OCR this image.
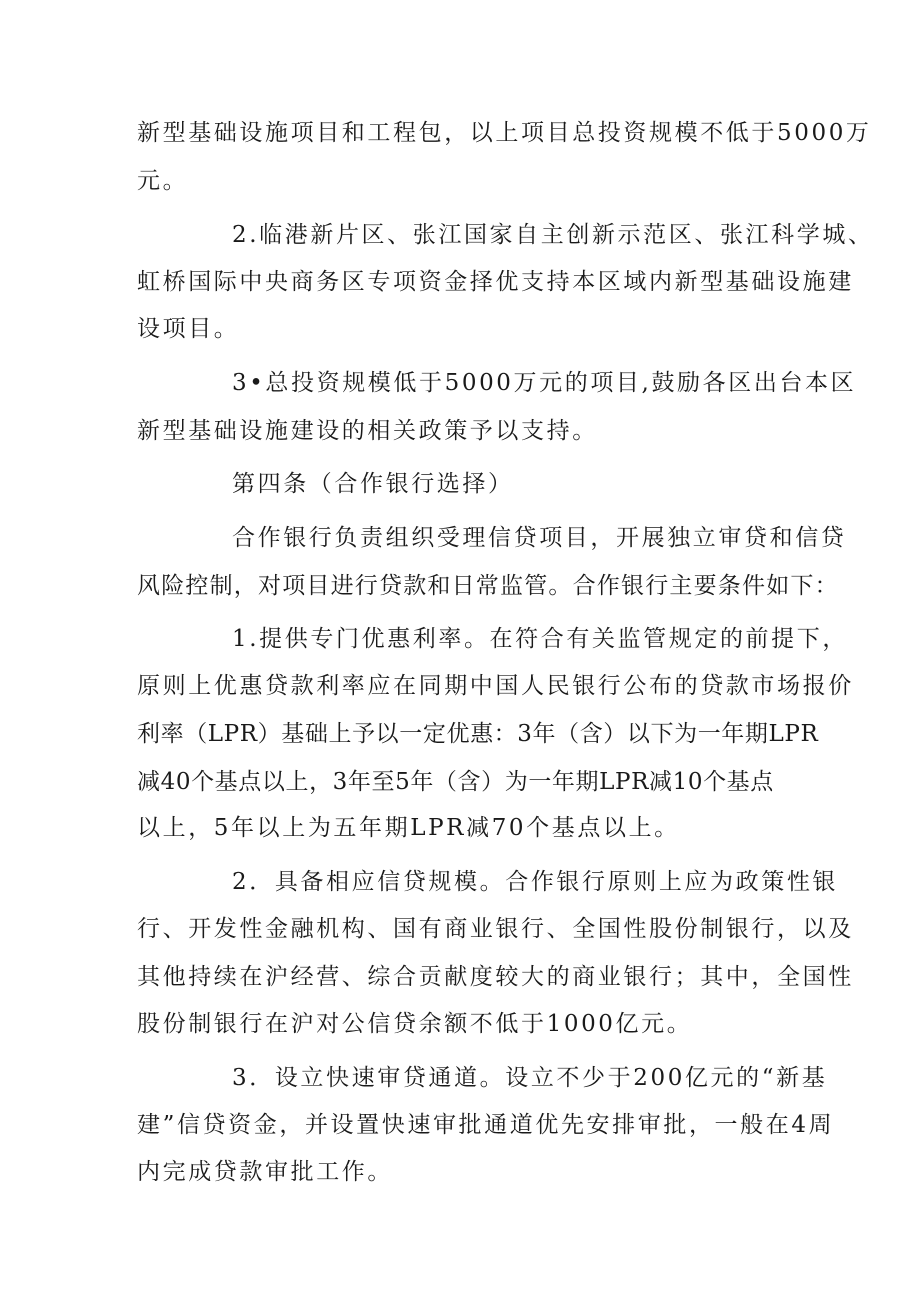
新型基础设施项目和工程包，以上项目总投资规模不低于5000万
元。
2.临港新片区、张江国家自主创新示范区、张江科学城、
虹桥国际中央商务区专项资金择优支持本区域内新型基础设施建
设项目。
3•总投资规模低于5000万元的项目,鼓励各区出台本区
新型基础设施建设的相关政策予以支持。
第四条（合作银行选择）
合作银行负责组织受理信贷项目，开展独立审贷和信贷
风险控制，对项目进行贷款和日常监管。合作银行主要条件如下：
1.提供专门优惠利率。在符合有关监管规定的前提下，
原则上优惠贷款利率应在同期中国人民银行公布的贷款市场报价
利率（LPR）基础上予以一定优惠：3年（含）以下为一年期LPR
减40个基点以上，3年至5年（含）为一年期LPR减10个基点
以上，5年以上为五年期LPR减70个基点以上。
2．具备相应信贷规模。合作银行原则上应为政策性银
行、开发性金融机构、国有商业银行、全国性股份制银行，以及
其他持续在沪经营、综合贡献度较大的商业银行；其中，全国性
股份制银行在沪对公信贷余额不低于1000亿元。
3．设立快速审贷通道。设立不少于200亿元的“新基
建”信贷资金，并设置快速审批通道优先安排审批，一般在4周
内完成贷款审批工作。
